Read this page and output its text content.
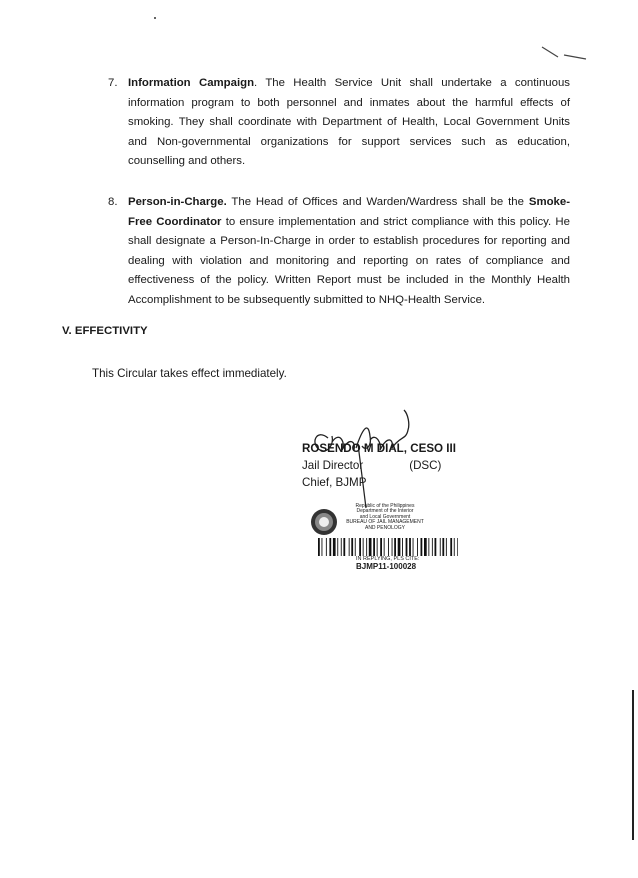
7. Information Campaign. The Health Service Unit shall undertake a continuous information program to both personnel and inmates about the harmful effects of smoking. They shall coordinate with Department of Health, Local Government Units and Non-governmental organizations for support services such as education, counselling and others.
8. Person-in-Charge. The Head of Offices and Warden/Wardress shall be the Smoke-Free Coordinator to ensure implementation and strict compliance with this policy. He shall designate a Person-In-Charge in order to establish procedures for reporting and dealing with violation and monitoring and reporting on rates of compliance and effectiveness of the policy. Written Report must be included in the Monthly Health Accomplishment to be subsequently submitted to NHQ-Health Service.
V. EFFECTIVITY
This Circular takes effect immediately.
ROSENDO M DIAL, CESO III
Jail Director	(DSC)
Chief, BJMP
Republic of the Philippines
Department of the Interior
and Local Government
BUREAU OF JAIL MANAGEMENT
AND PENOLOGY
IN REPLYING, PLS CITE:
BJMP11-100028
